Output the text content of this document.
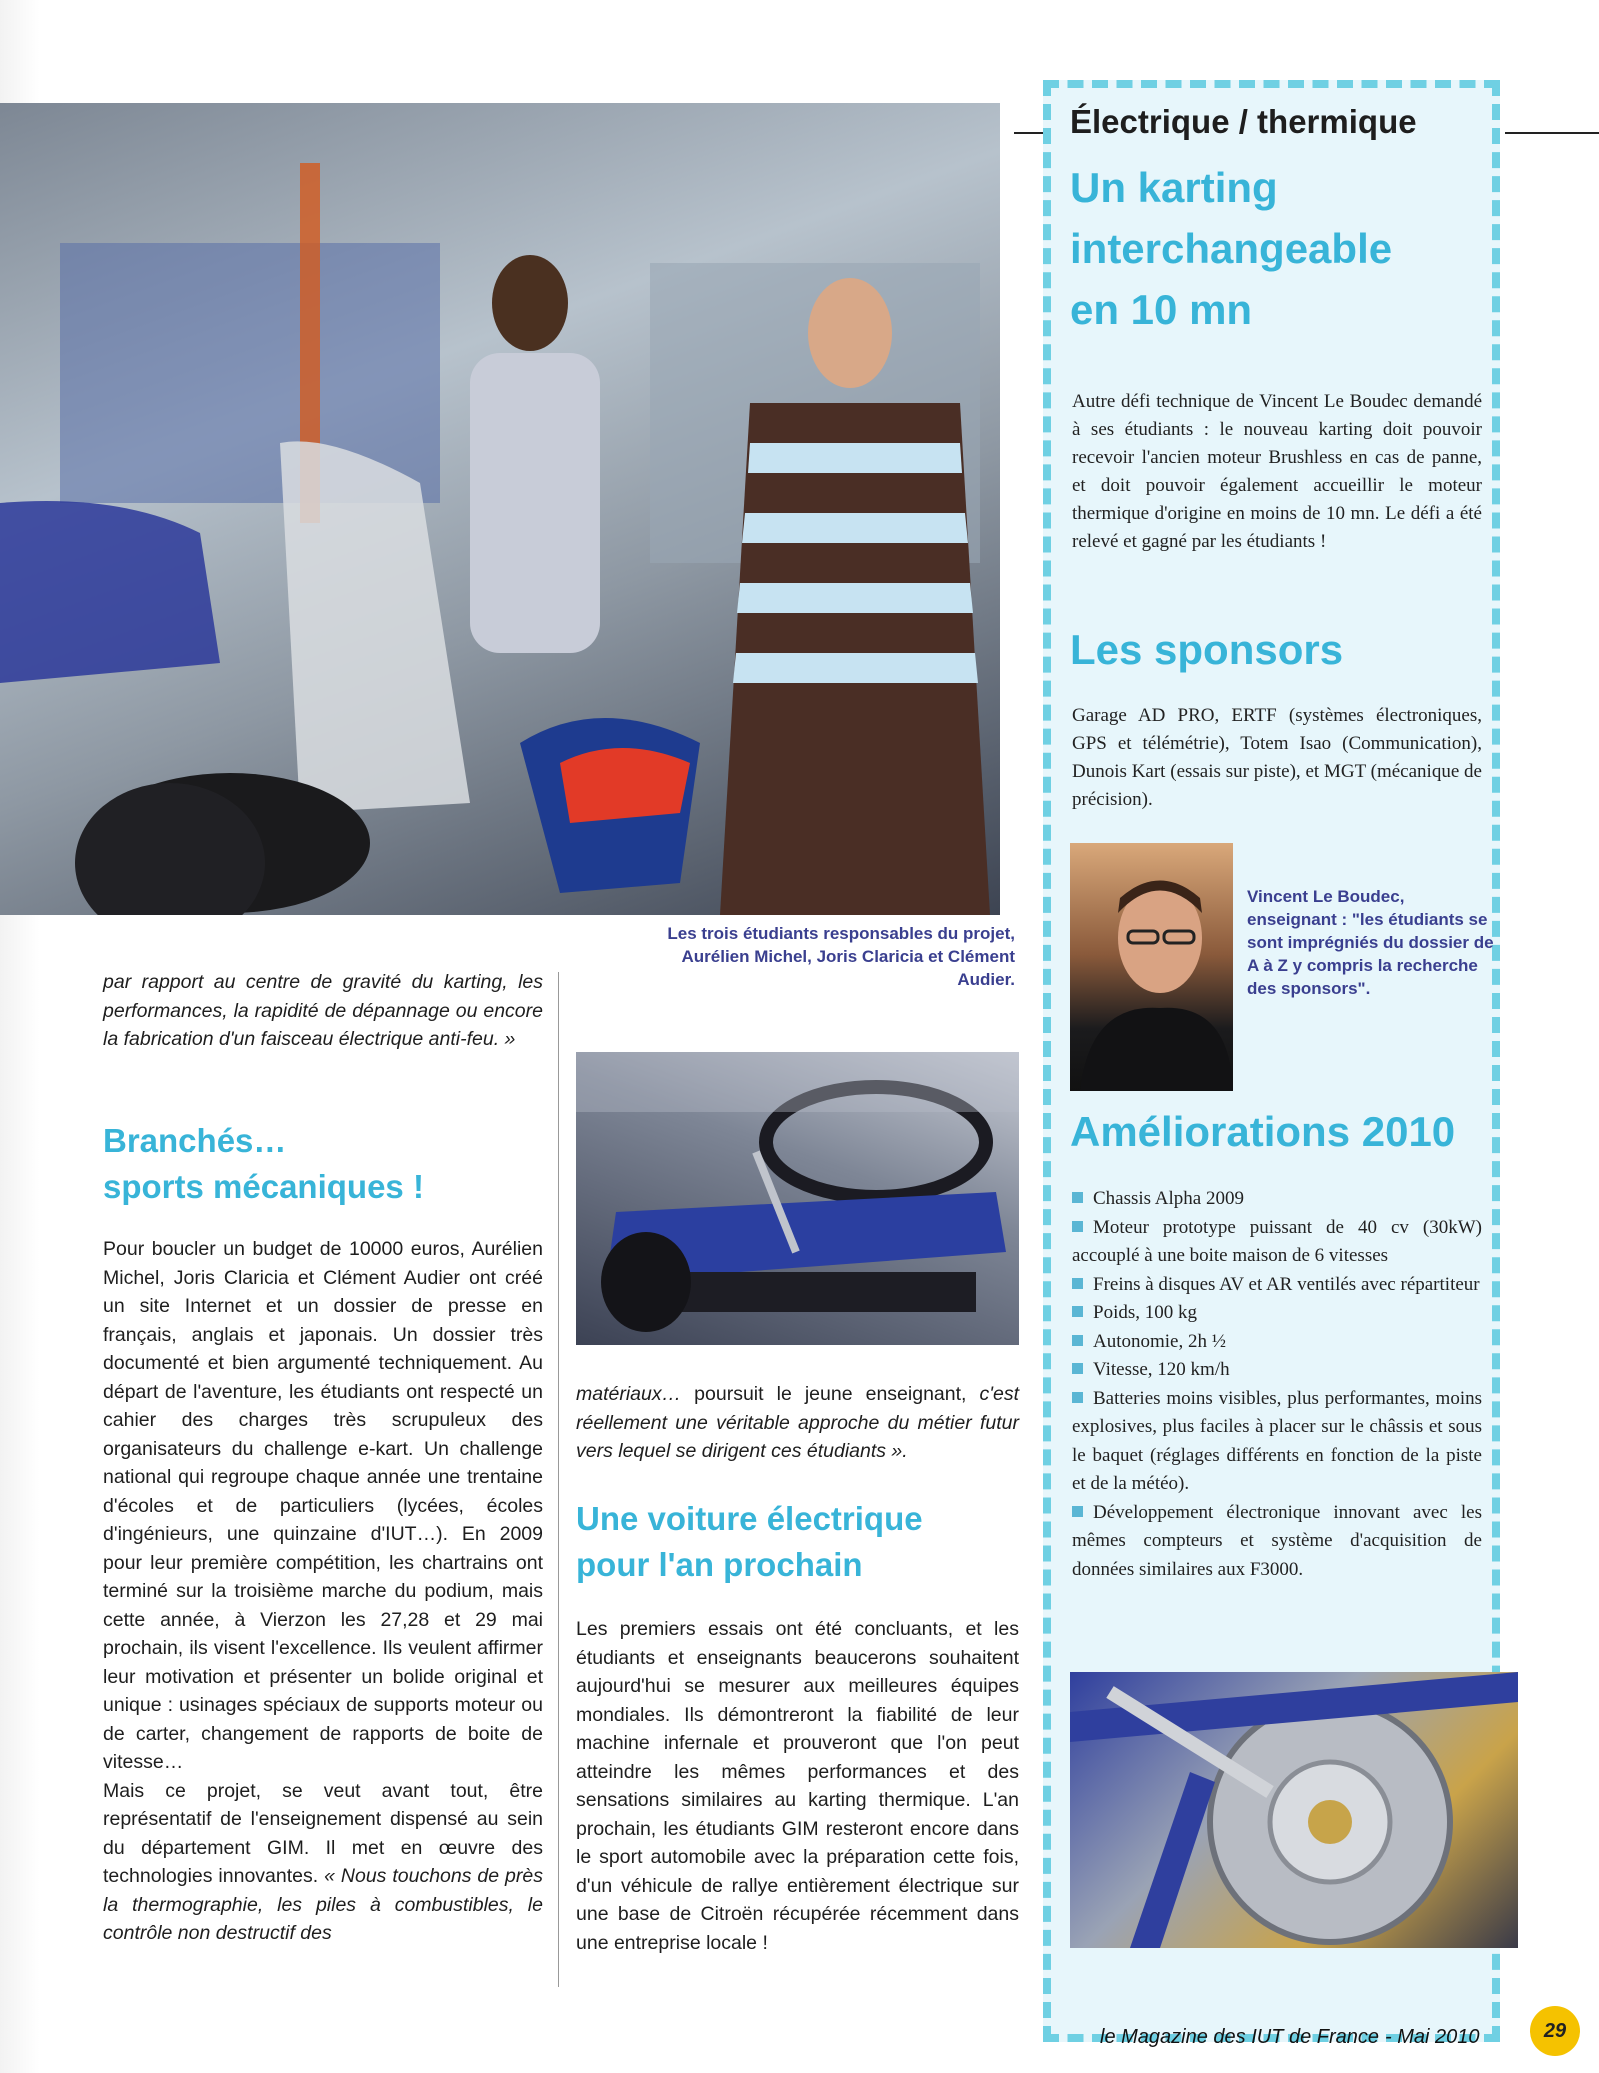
Les trois étudiants responsables du projet, Aurélien Michel, Joris Claricia et Clément Audier.
par rapport au centre de gravité du karting, les performances, la rapidité de dépannage ou encore la fabrication d'un faisceau électrique anti-feu. »
Branchés…
sports mécaniques !

Pour boucler un budget de 10000 euros, Aurélien Michel, Joris Claricia et Clément Audier ont créé un site Internet et un dossier de presse en français, anglais et japonais. Un dossier très documenté et bien argumenté techniquement. Au départ de l'aventure, les étudiants ont respecté un cahier des charges très scrupuleux des organisateurs du challenge e-kart. Un challenge national qui regroupe chaque année une trentaine d'écoles et de particuliers (lycées, écoles d'ingénieurs, une quinzaine d'IUT…). En 2009 pour leur première compétition, les chartrains ont terminé sur la troisième marche du podium, mais cette année, à Vierzon les 27,28 et 29 mai prochain, ils visent l'excellence. Ils veulent affirmer leur motivation et présenter un bolide original et unique : usinages spéciaux de supports moteur ou de carter, changement de rapports de boite de vitesse…

Mais ce projet, se veut avant tout, être représentatif de l'enseignement dispensé au sein du département GIM. Il met en œuvre des technologies innovantes. « Nous touchons de près la thermographie, les piles à combustibles, le contrôle non destructif des

matériaux… poursuit le jeune enseignant, c'est réellement une véritable approche du métier futur vers lequel se dirigent ces étudiants ».
Une voiture électrique
pour l'an prochain
Les premiers essais ont été concluants, et les étudiants et enseignants beaucerons souhaitent aujourd'hui se mesurer aux meilleures équipes mondiales. Ils démontreront la fiabilité de leur machine infernale et prouveront que l'on peut atteindre les mêmes performances et des sensations similaires au karting thermique. L'an prochain, les étudiants GIM resteront encore dans le sport automobile avec la préparation cette fois, d'un véhicule de rallye entièrement électrique sur une base de Citroën récupérée récemment dans une entreprise locale !
Électrique / thermique
Un karting
interchangeable
en 10 mn
Autre défi technique de Vincent Le Boudec demandé à ses étudiants : le nouveau karting doit pouvoir recevoir l'ancien moteur Brushless en cas de panne, et doit pouvoir également accueillir le moteur thermique d'origine en moins de 10 mn. Le défi a été relevé et gagné par les étudiants !
Les sponsors
Garage AD PRO, ERTF (systèmes électroniques, GPS et télémétrie), Totem Isao (Communication), Dunois Kart (essais sur piste), et MGT (mécanique de précision).
Vincent Le Boudec, enseignant : "les étudiants se sont imprégniés du dossier de A à Z y compris la recherche des sponsors".
Améliorations 2010
Chassis Alpha 2009
Moteur prototype puissant de 40 cv (30kW) accouplé à une boite maison de 6 vitesses
Freins à disques AV et AR ventilés avec répartiteur
Poids, 100 kg
Autonomie, 2h ½
Vitesse, 120 km/h
Batteries moins visibles, plus performantes, moins explosives, plus faciles à placer sur le châssis et sous le baquet (réglages différents en fonction de la piste et de la météo).
Développement électronique innovant avec les mêmes compteurs et système d'acquisition de données similaires aux F3000.
le Magazine des IUT de France - Mai 2010	29
